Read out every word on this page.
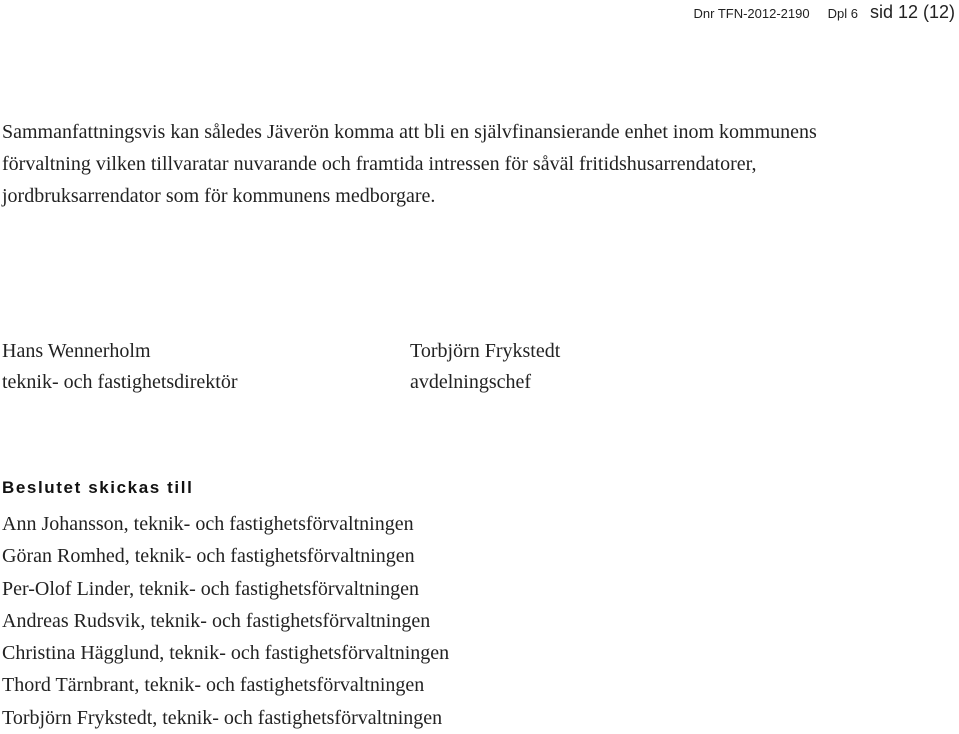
Dnr TFN-2012-2190 Dpl 6 sid 12 (12)

Sammanfattningsvis kan således Jäverön komma att bli en självfinansierande enhet inom kommunens förvaltning vilken tillvaratar nuvarande och framtida intressen för såväl fritidshusarrendatorer, jordbruksarrendator som för kommunens medborgare.

Hans Wennerholm
teknik- och fastighetsdirektör
Torbjörn Frykstedt
avdelningschef
Beslutet skickas till
Ann Johansson, teknik- och fastighetsförvaltningen
Göran Romhed, teknik- och fastighetsförvaltningen
Per-Olof Linder, teknik- och fastighetsförvaltningen
Andreas Rudsvik, teknik- och fastighetsförvaltningen
Christina Hägglund, teknik- och fastighetsförvaltningen
Thord Tärnbrant, teknik- och fastighetsförvaltningen
Torbjörn Frykstedt, teknik- och fastighetsförvaltningen
